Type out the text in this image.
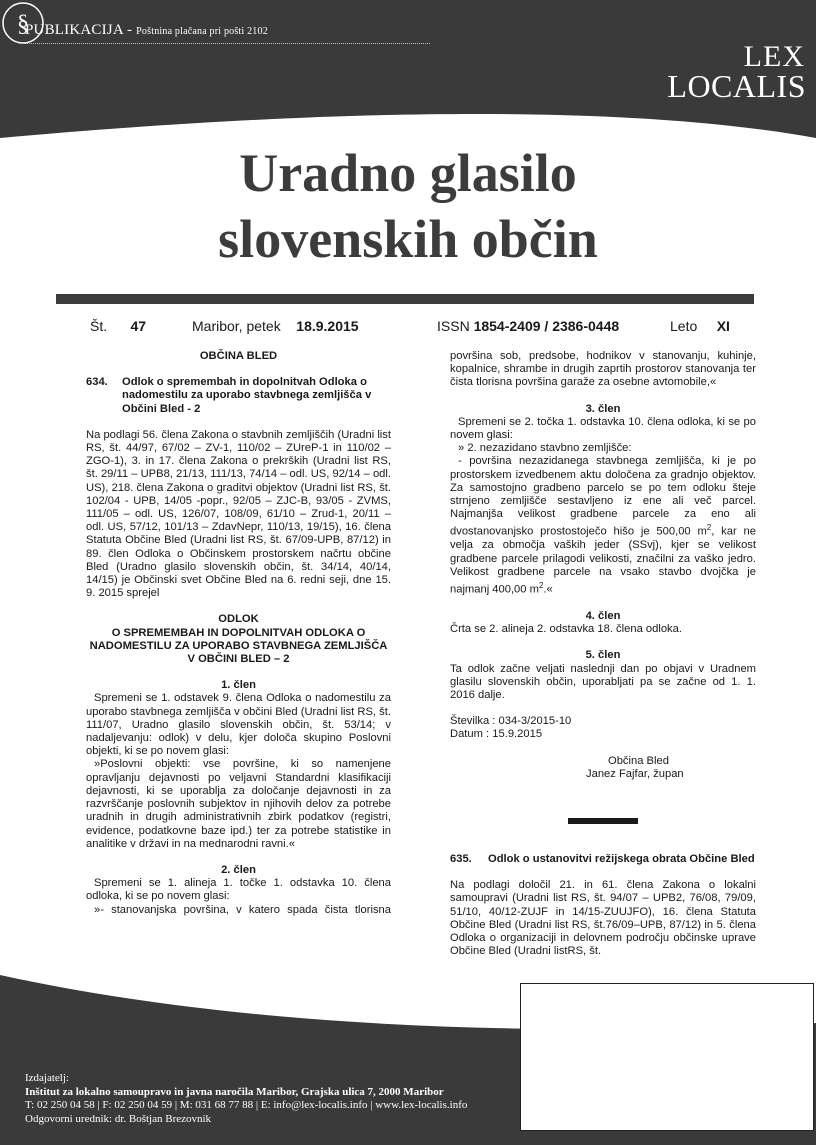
PUBLIKACIJA - Poštnina plačana pri pošti 2102
§
LEX
LOCALIS
Uradno glasilo
slovenskih občin
Št. 47	Maribor, petek 18.9.2015	ISSN 1854-2409 / 2386-0448	Leto XI

OBČINA BLED

634.	Odlok o spremembah in dopolnitvah Odloka o nadomestilu za uporabo stavbnega zemljišča v Občini Bled - 2

Na podlagi 56. člena Zakona o stavbnih zemljiščih (Uradni list RS, št. 44/97, 67/02 – ZV-1, 110/02 – ZUreP-1 in 110/02 – ZGO-1), 3. in 17. člena Zakona o prekrških (Uradni list RS, št. 29/11 – UPB8, 21/13, 111/13, 74/14 – odl. US, 92/14 – odl. US), 218. člena Zakona o graditvi objektov (Uradni list RS, št. 102/04 - UPB, 14/05 -popr., 92/05 – ZJC-B, 93/05 - ZVMS, 111/05 – odl. US, 126/07, 108/09, 61/10 – Zrud-1, 20/11 – odl. US, 57/12, 101/13 – ZdavNepr, 110/13, 19/15), 16. člena Statuta Občine Bled (Uradni list RS, št. 67/09-UPB, 87/12) in 89. člen Odloka o Občinskem prostorskem načrtu občine Bled (Uradno glasilo slovenskih občin, št. 34/14, 40/14, 14/15) je Občinski svet Občine Bled na 6. redni seji, dne 15. 9. 2015 sprejel

ODLOK

O SPREMEMBAH IN DOPOLNITVAH ODLOKA O NADOMESTILU ZA UPORABO STAVBNEGA ZEMLJIŠČA V OBČINI BLED – 2

1. člen

Spremeni se 1. odstavek 9. člena Odloka o nadomestilu za uporabo stavbnega zemljišča v občini Bled (Uradni list RS, št. 111/07, Uradno glasilo slovenskih občin, št. 53/14; v nadaljevanju: odlok) v delu, kjer določa skupino Poslovni objekti, ki se po novem glasi:

»Poslovni objekti: vse površine, ki so namenjene opravljanju dejavnosti po veljavni Standardni klasifikaciji dejavnosti, ki se uporablja za določanje dejavnosti in za razvrščanje poslovnih subjektov in njihovih delov za potrebe uradnih in drugih administrativnih zbirk podatkov (registri, evidence, podatkovne baze ipd.) ter za potrebe statistike in analitike v državi in na mednarodni ravni.«

2. člen

Spremeni se 1. alineja 1. točke 1. odstavka 10. člena odloka, ki se po novem glasi:

»- stanovanjska površina, v katero spada čista tlorisna

površina sob, predsobe, hodnikov v stanovanju, kuhinje, kopalnice, shrambe in drugih zaprtih prostorov stanovanja ter čista tlorisna površina garaže za osebne avtomobile,«

3. člen

Spremeni se 2. točka 1. odstavka 10. člena odloka, ki se po novem glasi:

» 2. nezazidano stavbno zemljišče:

- površina nezazidanega stavbnega zemljišča, ki je po prostorskem izvedbenem aktu določena za gradnjo objektov. Za samostojno gradbeno parcelo se po tem odloku šteje strnjeno zemljišče sestavljeno iz ene ali več parcel. Najmanjša velikost gradbene parcele za eno ali dvostanovanjsko prostostoječo hišo je 500,00 $m^2$, kar ne velja za območja vaških jeder (SSvj), kjer se velikost gradbene parcele prilagodi velikosti, značilni za vaško jedro. Velikost gradbene parcele na vsako stavbo dvojčka je najmanj 400,00 $m^2.«$

4. člen

Črta se 2. alineja 2. odstavka 18. člena odloka.

5. člen

Ta odlok začne veljati naslednji dan po objavi v Uradnem glasilu slovenskih občin, uporabljati pa se začne od 1. 1. 2016 dalje.

Številka : 034-3/2015-10

Datum : 15.9.2015

Občina Bled

Janez Fajfar, župan

635.	Odlok o ustanovitvi režijskega obrata Občine Bled

Na podlagi določil 21. in 61. člena Zakona o lokalni samoupravi (Uradni list RS, št. 94/07 – UPB2, 76/08, 79/09, 51/10, 40/12-ZUJF in 14/15-ZUUJFO), 16. člena Statuta Občine Bled (Uradni list RS, št.76/09–UPB, 87/12) in 5. člena Odloka o organizaciji in delovnem področju občinske uprave Občine Bled (Uradni listRS, št.

Izdajatelj:
Inštitut za lokalno samoupravo in javna naročila Maribor, Grajska ulica 7, 2000 Maribor
T: 02 250 04 58 | F: 02 250 04 59 | M: 031 68 77 88 | E: info@lex-localis.info | www.lex-localis.info
Odgovorni urednik: dr. Boštjan Brezovnik
